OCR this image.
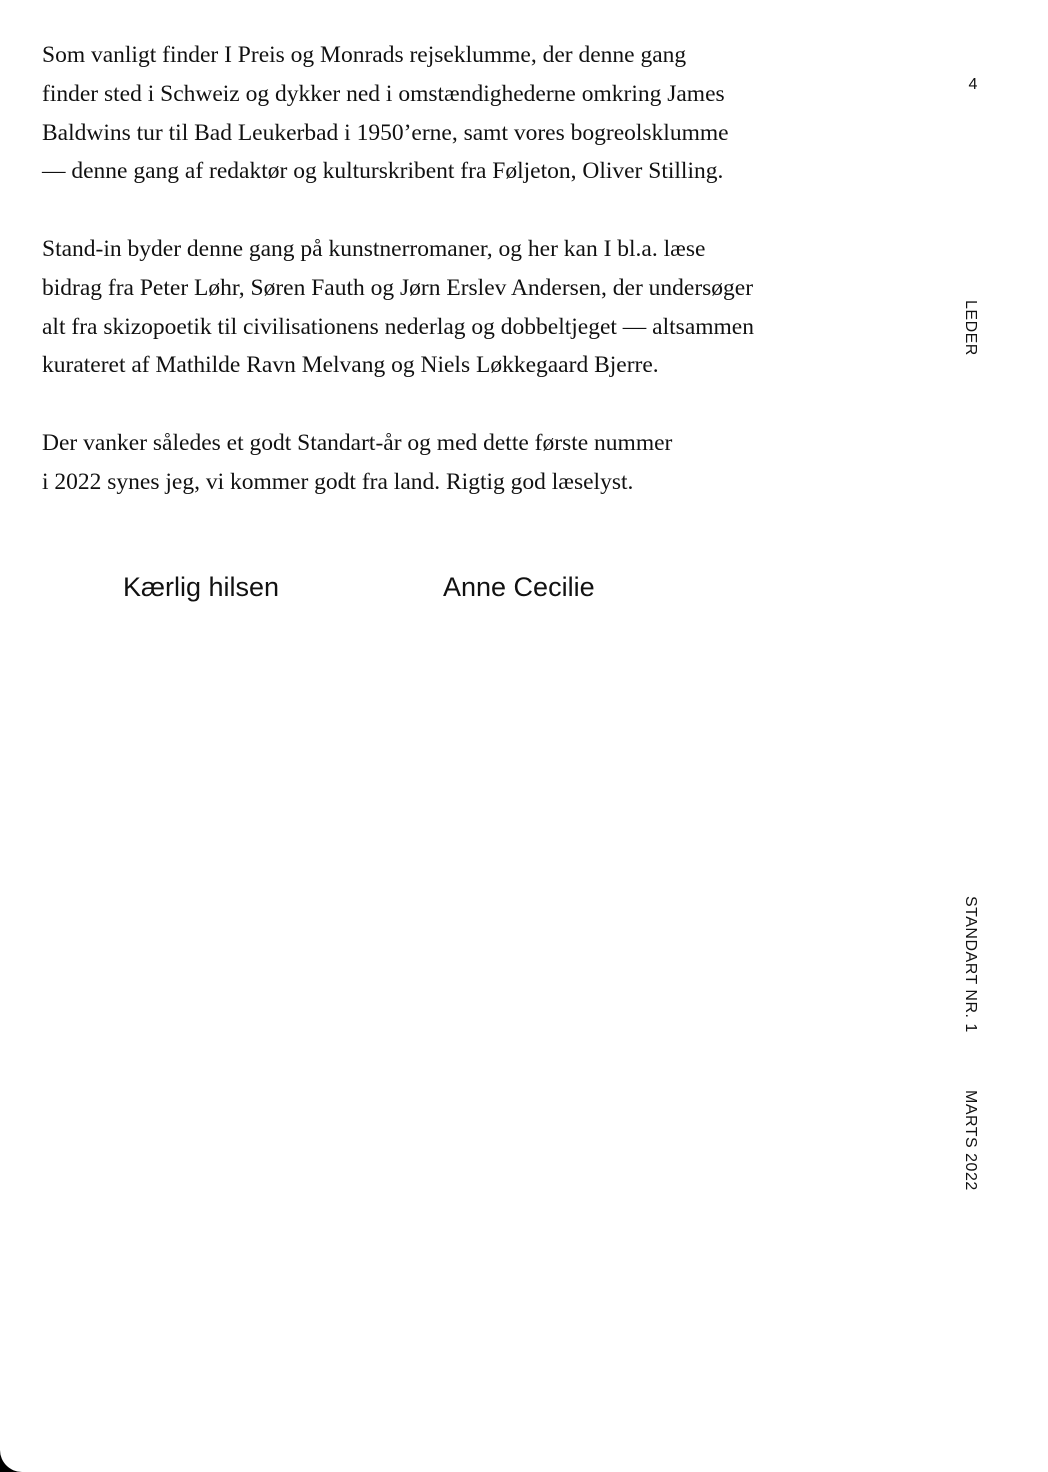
Som vanligt finder I Preis og Monrads rejseklumme, der denne gang
finder sted i Schweiz og dykker ned i omstændighederne omkring James
Baldwins tur til Bad Leukerbad i 1950’erne, samt vores bogreolsklumme
— denne gang af redaktør og kulturskribent fra Føljeton, Oliver Stilling.

Stand-in byder denne gang på kunstnerromaner, og her kan I bl.a. læse
bidrag fra Peter Løhr, Søren Fauth og Jørn Erslev Andersen, der undersøger
alt fra skizopoetik til civilisationens nederlag og dobbeltjeget — altsammen
kurateret af Mathilde Ravn Melvang og Niels Løkkegaard Bjerre.

Der vanker således et godt Standart-år og med dette første nummer
i 2022 synes jeg, vi kommer godt fra land. Rigtig god læselyst.

Kærlig hilsen	Anne Cecilie
4
LEDER
STANDART NR. 1
MARTS 2022
